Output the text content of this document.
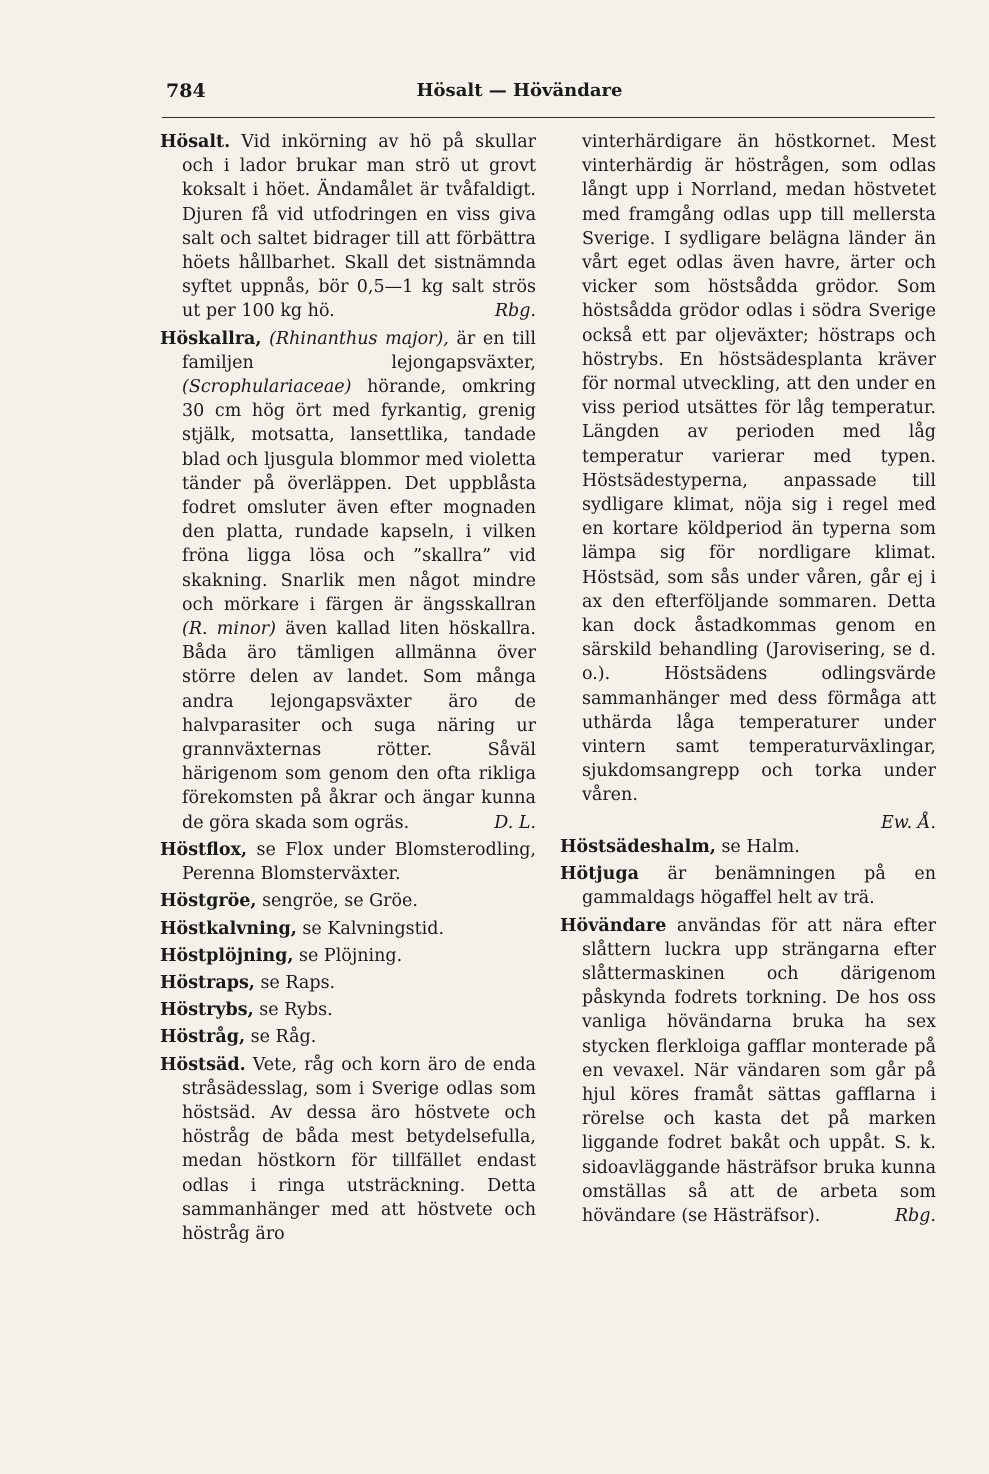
784	Hösalt — Hövändare

Hösalt. Vid inkörning av hö på skullar och i lador brukar man strö ut grovt koksalt i höet. Ändamålet är tvåfaldigt. Djuren få vid utfodringen en viss giva salt och saltet bidrager till att förbättra höets hållbarhet. Skall det sistnämnda syftet uppnås, bör 0,5—1 kg salt strös ut per 100 kg hö.	Rbg.

Höskallra, (Rhinanthus major), är en till familjen lejongapsväxter, (Scrophulariaceae) hörande, omkring 30 cm hög ört med fyrkantig, grenig stjälk, motsatta, lansettlika, tandade blad och ljusgula blommor med violetta tänder på överläppen. Det uppblåsta fodret omsluter även efter mognaden den platta, rundade kapseln, i vilken fröna ligga lösa och ”skallra” vid skakning. Snarlik men något mindre och mörkare i färgen är ängsskallran (R. minor) även kallad liten höskallra. Båda äro tämligen allmänna över större delen av landet. Som många andra lejongapsväxter äro de halvparasiter och suga näring ur grannväxternas rötter. Såväl härigenom som genom den ofta rikliga förekomsten på åkrar och ängar kunna de göra skada som ogräs.	D. L.

Höstflox, se Flox under Blomsterodling, Perenna Blomsterväxter.

Höstgröe, sengröe, se Gröe.

Höstkalvning, se Kalvningstid.

Höstplöjning, se Plöjning.

Höstraps, se Raps.

Höstrybs, se Rybs.

Höstråg, se Råg.

Höstsäd. Vete, råg och korn äro de enda stråsädesslag, som i Sverige odlas som höstsäd. Av dessa äro höstvete och höstråg de båda mest betydelsefulla, medan höstkorn för tillfället endast odlas i ringa utsträckning. Detta sammanhänger med att höstvete och höstråg äro

vinterhärdigare än höstkornet. Mest vinterhärdig är höstrågen, som odlas långt upp i Norrland, medan höstvetet med framgång odlas upp till mellersta Sverige. I sydligare belägna länder än vårt eget odlas även havre, ärter och vicker som höstsådda grödor. Som höstsådda grödor odlas i södra Sverige också ett par oljeväxter; höstraps och höstrybs. En höstsädesplanta kräver för normal utveckling, att den under en viss period utsättes för låg temperatur. Längden av perioden med låg temperatur varierar med typen. Höstsädestyperna, anpassade till sydligare klimat, nöja sig i regel med en kortare köldperiod än typerna som lämpa sig för nordligare klimat. Höstsäd, som sås under våren, går ej i ax den efterföljande sommaren. Detta kan dock åstadkommas genom en särskild behandling (Jarovisering, se d. o.). Höstsädens odlingsvärde sammanhänger med dess förmåga att uthärda låga temperaturer under vintern samt temperaturväxlingar, sjukdomsangrepp och torka under våren.

Ew. Å.

Höstsädeshalm, se Halm.

Hötjuga är benämningen på en gammaldags högaffel helt av trä.

Hövändare användas för att nära efter slåttern luckra upp strängarna efter slåttermaskinen och därigenom påskynda fodrets torkning. De hos oss vanliga hövändarna bruka ha sex stycken flerkloiga gafflar monterade på en vevaxel. När vändaren som går på hjul köres framåt sättas gafflarna i rörelse och kasta det på marken liggande fodret bakåt och uppåt. S. k. sidoavläggande hästräfsor bruka kunna omställas så att de arbeta som hövändare (se Hästräfsor).	Rbg.
